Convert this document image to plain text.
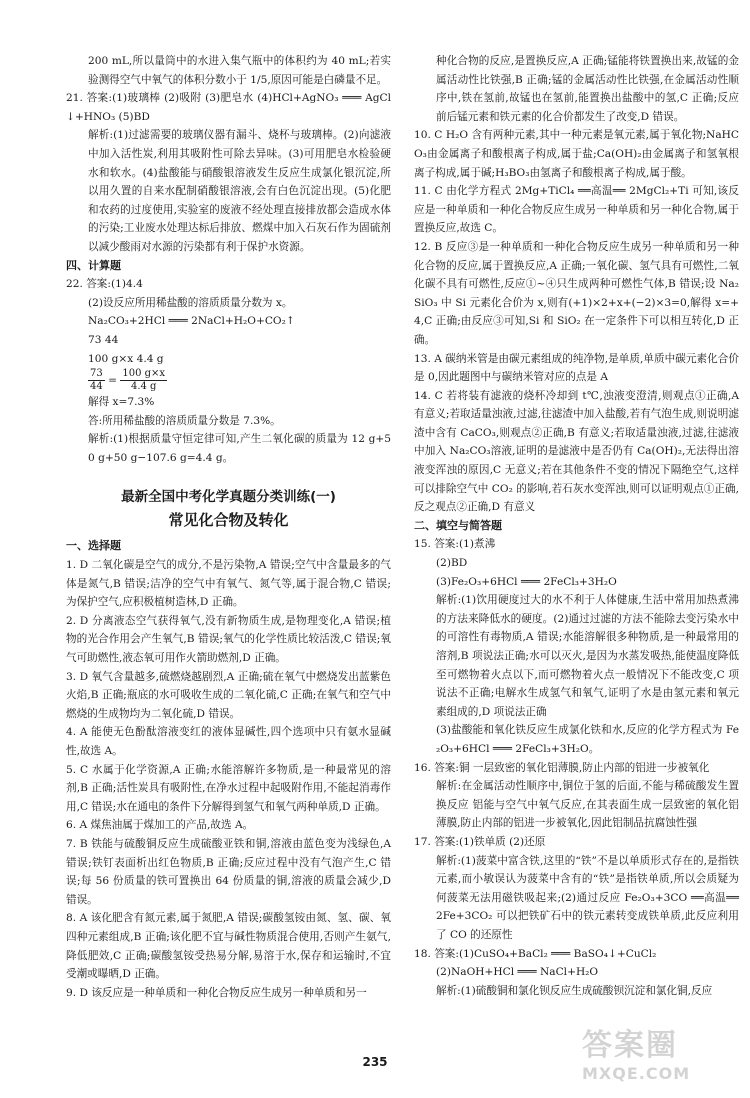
200 mL,所以量筒中的水进入集气瓶中的体积约为 40 mL;若实验测得空气中氧气的体积分数小于 1/5,原因可能是白磷量不足。

21. 答案:(1)玻璃棒 (2)吸附 (3)肥皂水 (4)HCl+AgNO₃ ═══ AgCl↓+HNO₃ (5)BD

解析:(1)过滤需要的玻璃仪器有漏斗、烧杯与玻璃棒。(2)向滤液中加入活性炭,利用其吸附性可除去异味。(3)可用肥皂水检验硬水和软水。(4)盐酸能与硝酸银溶液发生反应生成氯化银沉淀,所以用久置的自来水配制硝酸银溶液,会有白色沉淀出现。(5)化肥和农药的过度使用,实验室的废液不经处理直接排放都会造成水体的污染;工业废水处理达标后排放、燃煤中加入石灰石作为固硫剂以减少酸雨对水源的污染都有利于保护水资源。

四、计算题

22. 答案:(1)4.4

(2)设反应所用稀盐酸的溶质质量分数为 x。

Na₂CO₃+2HCl ═══ 2NaCl+H₂O+CO₂↑

73 44

100 g×x 4.4 g

$\frac{73}{44} = \frac{100 g\times x}{4.4 g}$

解得 x=7.3%

答:所用稀盐酸的溶质质量分数是 7.3%。

解析:(1)根据质量守恒定律可知,产生二氧化碳的质量为 12 g+50 g+50 g−107.6 g=4.4 g。

最新全国中考化学真题分类训练(一)

常见化合物及转化

一、选择题

1. D 二氧化碳是空气的成分,不是污染物,A 错误;空气中含量最多的气体是氮气,B 错误;洁净的空气中有氧气、氮气等,属于混合物,C 错误;为保护空气,应积极植树造林,D 正确。

2. D 分离液态空气获得氧气,没有新物质生成,是物理变化,A 错误;植物的光合作用会产生氧气,B 错误;氧气的化学性质比较活泼,C 错误;氧气可助燃性,液态氧可用作火箭助燃剂,D 正确。

3. D 氧气含量越多,硫燃烧越剧烈,A 正确;硫在氧气中燃烧发出蓝紫色火焰,B 正确;瓶底的水可吸收生成的二氧化硫,C 正确;在氧气和空气中燃烧的生成物均为二氧化硫,D 错误。

4. A 能使无色酚酞溶液变红的液体显碱性,四个选项中只有氨水显碱性,故选 A。

5. C 水属于化学资源,A 正确;水能溶解许多物质,是一种最常见的溶剂,B 正确;活性炭具有吸附性,在净水过程中起吸附作用,不能起消毒作用,C 错误;水在通电的条件下分解得到氢气和氧气两种单质,D 正确。

6. A 煤焦油属于煤加工的产品,故选 A。

7. B 铁能与硫酸铜反应生成硫酸亚铁和铜,溶液由蓝色变为浅绿色,A 错误;铁钉表面析出红色物质,B 正确;反应过程中没有气泡产生,C 错误;每 56 份质量的铁可置换出 64 份质量的铜,溶液的质量会减少,D 错误。

8. A 该化肥含有氮元素,属于氮肥,A 错误;碳酸氢铵由氮、氢、碳、氧四种元素组成,B 正确;该化肥不宜与碱性物质混合使用,否则产生氨气,降低肥效,C 正确;碳酸氢铵受热易分解,易溶于水,保存和运输时,不宜受潮或曝晒,D 正确。

9. D 该反应是一种单质和一种化合物反应生成另一种单质和另一

种化合物的反应,是置换反应,A 正确;锰能将铁置换出来,故锰的金属活动性比铁强,B 正确;锰的金属活动性比铁强,在金属活动性顺序中,铁在氢前,故锰也在氢前,能置换出盐酸中的氢,C 正确;反应前后锰元素和铁元素的化合价都发生了改变,D 错误。

10. C H₂O 含有两种元素,其中一种元素是氧元素,属于氧化物;NaHCO₃由金属离子和酸根离子构成,属于盐;Ca(OH)₂由金属离子和氢氧根离子构成,属于碱;H₃BO₃由氢离子和酸根离子构成,属于酸。

11. C 由化学方程式 2Mg+TiCl₄ ══高温══ 2MgCl₂+Ti 可知,该反应是一种单质和一种化合物反应生成另一种单质和另一种化合物,属于置换反应,故选 C。

12. B 反应③是一种单质和一种化合物反应生成另一种单质和另一种化合物的反应,属于置换反应,A 正确;一氧化碳、氢气具有可燃性,二氧化碳不具有可燃性,反应①~④只生成两种可燃性气体,B 错误;设 Na₂SiO₃ 中 Si 元素化合价为 x,则有(+1)×2+x+(−2)×3=0,解得 x=+4,C 正确;由反应③可知,Si 和 SiO₂ 在一定条件下可以相互转化,D 正确。

13. A 碳纳米管是由碳元素组成的纯净物,是单质,单质中碳元素化合价是 0,因此题图中与碳纳米管对应的点是 A

14. C 若将装有滤液的烧杯冷却到 t℃,浊液变澄清,则观点①正确,A 有意义;若取适量浊液,过滤,往滤渣中加入盐酸,若有气泡生成,则说明滤渣中含有 CaCO₃,则观点②正确,B 有意义;若取适量浊液,过滤,往滤液中加入 Na₂CO₃溶液,证明的是滤液中是否仍有 Ca(OH)₂,无法得出溶液变浑浊的原因,C 无意义;若在其他条件不变的情况下隔绝空气,这样可以排除空气中 CO₂ 的影响,若石灰水变浑浊,则可以证明观点①正确,反之观点②正确,D 有意义

二、填空与简答题

15. 答案:(1)煮沸

(2)BD

(3)Fe₂O₃+6HCl ═══ 2FeCl₃+3H₂O

解析:(1)饮用硬度过大的水不利于人体健康,生活中常用加热煮沸的方法来降低水的硬度。(2)通过过滤的方法不能除去变污染水中的可溶性有毒物质,A 错误;水能溶解很多种物质,是一种最常用的溶剂,B 项说法正确;水可以灭火,是因为水蒸发吸热,能使温度降低至可燃物着火点以下,而可燃物着火点一般情况下不能改变,C 项说法不正确;电解水生成氢气和氧气,证明了水是由氢元素和氧元素组成的,D 项说法正确

(3)盐酸能和氧化铁反应生成氯化铁和水,反应的化学方程式为 Fe₂O₃+6HCl ═══ 2FeCl₃+3H₂O。

16. 答案:铜 一层致密的氧化铝薄膜,防止内部的铝进一步被氧化

解析:在金属活动性顺序中,铜位于氢的后面,不能与稀硫酸发生置换反应 铝能与空气中氧气反应,在其表面生成一层致密的氧化铝薄膜,防止内部的铝进一步被氧化,因此铝制品抗腐蚀性强

17. 答案:(1)铁单质 (2)还原

解析:(1)菠菜中富含铁,这里的“铁”不是以单质形式存在的,是指铁元素,而小敏误认为菠菜中含有的“铁”是指铁单质,所以会质疑为何菠菜无法用磁铁吸起来;(2)通过反应 Fe₂O₃+3CO ══高温══ 2Fe+3CO₂ 可以把铁矿石中的铁元素转变成铁单质,此反应利用了 CO 的还原性

18. 答案:(1)CuSO₄+BaCl₂ ═══ BaSO₄↓+CuCl₂

(2)NaOH+HCl ═══ NaCl+H₂O

解析:(1)硫酸铜和氯化钡反应生成硫酸钡沉淀和氯化铜,反应

235	答案圈
MXQE.COM
